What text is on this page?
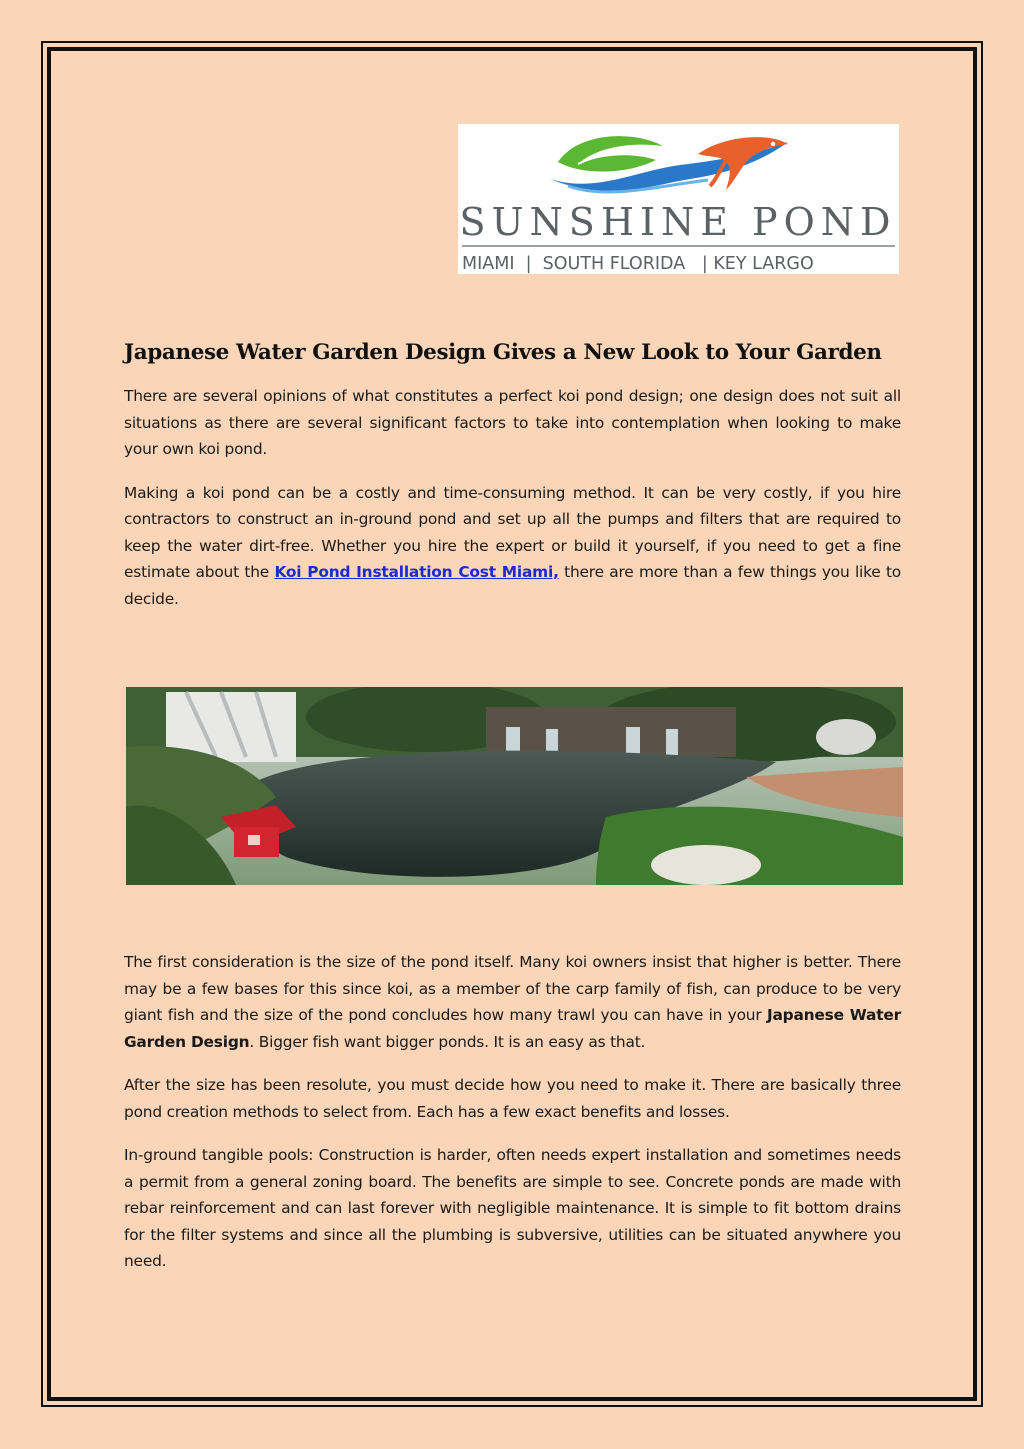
SUNSHINE POND
MIAMI  |  SOUTH FLORIDA   | KEY LARGO
Japanese Water Garden Design Gives a New Look to Your Garden

There are several opinions of what constitutes a perfect koi pond design; one design does not suit all situations as there are several significant factors to take into contemplation when looking to make your own koi pond.

Making a koi pond can be a costly and time-consuming method. It can be very costly, if you hire contractors to construct an in-ground pond and set up all the pumps and filters that are required to keep the water dirt-free. Whether you hire the expert or build it yourself, if you need to get a fine estimate about the Koi Pond Installation Cost Miami, there are more than a few things you like to decide.

The first consideration is the size of the pond itself. Many koi owners insist that higher is better. There may be a few bases for this since koi, as a member of the carp family of fish, can produce to be very giant fish and the size of the pond concludes how many trawl you can have in your Japanese Water Garden Design. Bigger fish want bigger ponds. It is an easy as that.

After the size has been resolute, you must decide how you need to make it. There are basically three pond creation methods to select from. Each has a few exact benefits and losses.

In-ground tangible pools: Construction is harder, often needs expert installation and sometimes needs a permit from a general zoning board. The benefits are simple to see. Concrete ponds are made with rebar reinforcement and can last forever with negligible maintenance. It is simple to fit bottom drains for the filter systems and since all the plumbing is subversive, utilities can be situated anywhere you need.
